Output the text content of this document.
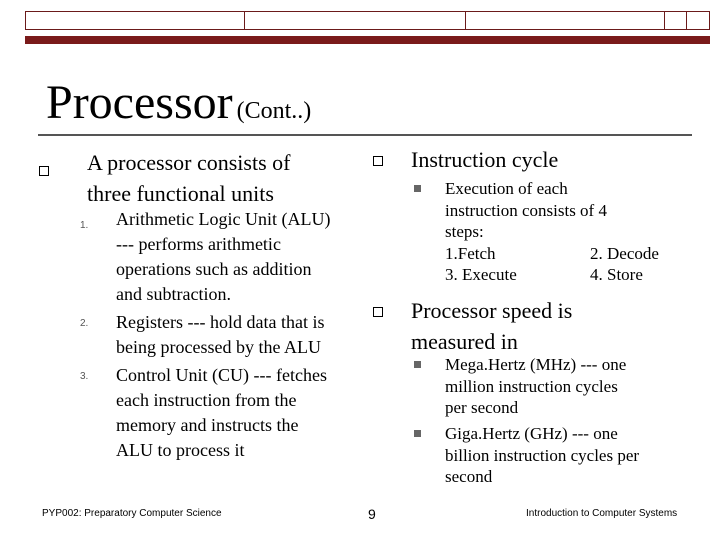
Processor (Cont..)
A processor consists of
three functional units
1. Arithmetic Logic Unit (ALU)
--- performs arithmetic
operations such as addition
and subtraction.
2. Registers --- hold data that is
being processed by the ALU
3. Control Unit (CU) --- fetches
each instruction from the
memory and instructs the
ALU to process it
Instruction cycle
Execution of each
instruction consists of 4
steps:
1.Fetch	2. Decode
3. Execute	4. Store
Processor speed is
measured in
Mega.Hertz (MHz) --- one
million instruction cycles
per second
Giga.Hertz (GHz) --- one
billion instruction cycles per
second
PYP002: Preparatory Computer Science	9	Introduction to Computer Systems
